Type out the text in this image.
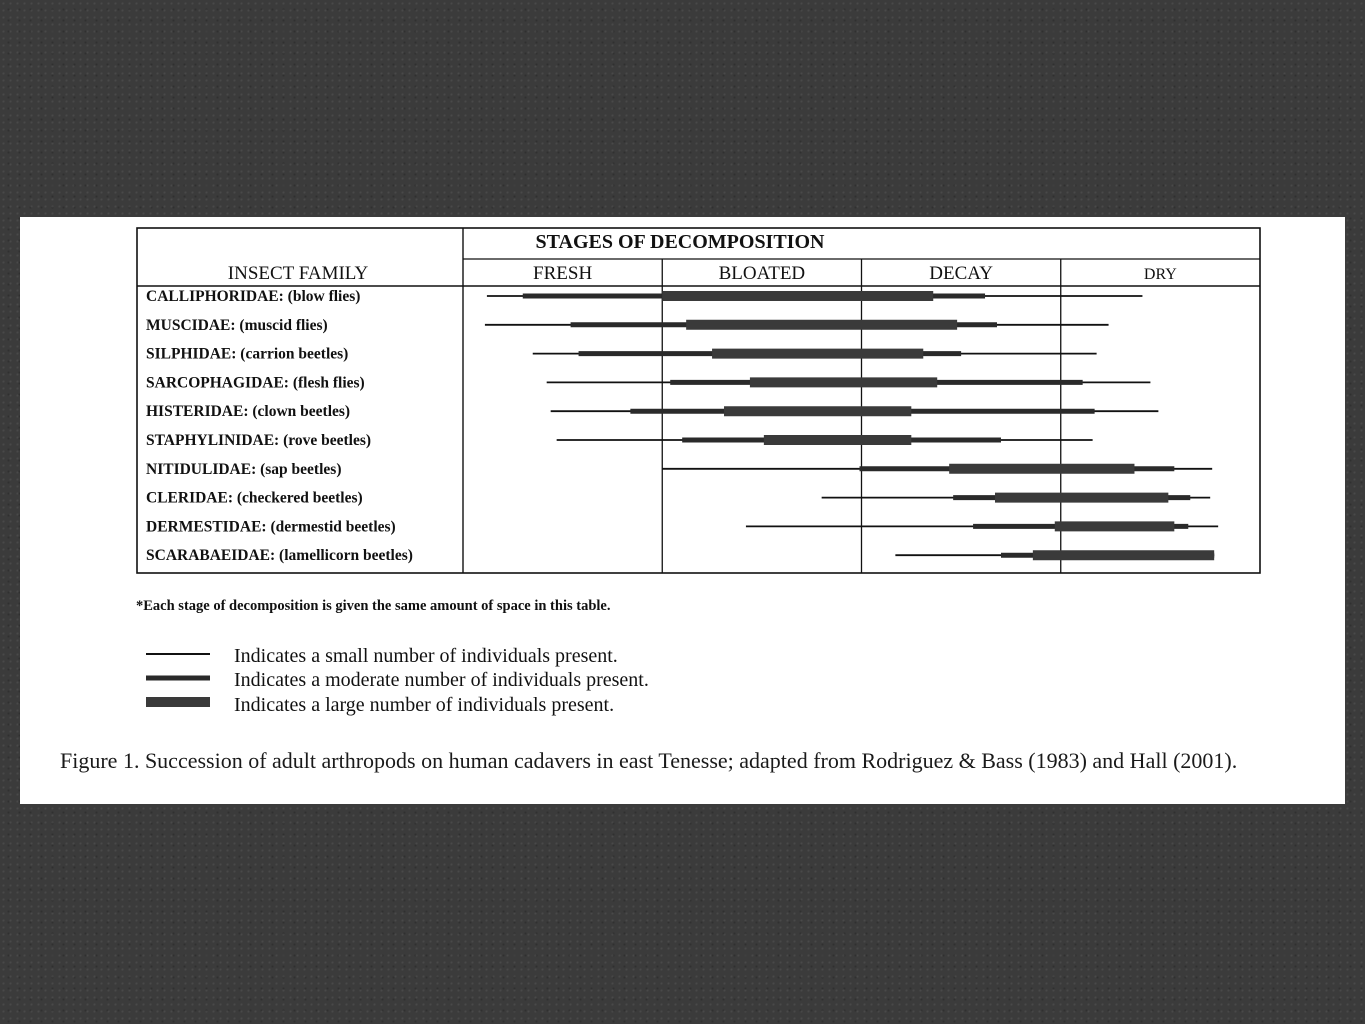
STAGES OF DECOMPOSITION
INSECT FAMILY
*Each stage of decomposition is given the same amount of space in this table.
FRESH	BLOATED	DECAY	DRY
CALLIPHORIDAE: (blow flies)
MUSCIDAE: (muscid flies)
SILPHIDAE: (carrion beetles)
SARCOPHAGIDAE: (flesh flies)
HISTERIDAE: (clown beetles)
STAPHYLINIDAE: (rove beetles)
NITIDULIDAE: (sap beetles)
CLERIDAE: (checkered beetles)
DERMESTIDAE: (dermestid beetles)
SCARABAEIDAE: (lamellicorn beetles)
Indicates a small number of individuals present.
Indicates a moderate number of individuals present.
Indicates a large number of individuals present.

Figure 1. Succession of adult arthropods on human cadavers in east Tenesse; adapted from Rodriguez & Bass (1983) and Hall (2001).
